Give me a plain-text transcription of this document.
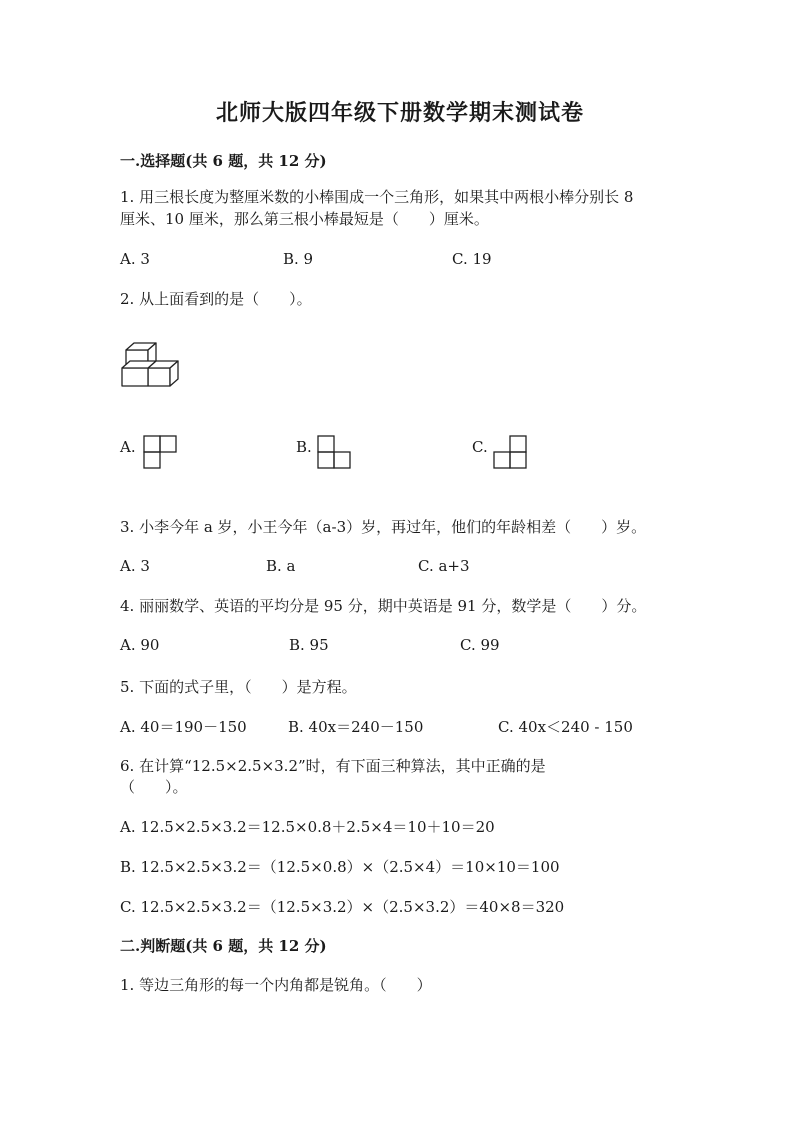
北师大版四年级下册数学期末测试卷
一.选择题(共 6 题，共 12 分)
1. 用三根长度为整厘米数的小棒围成一个三角形，如果其中两根小棒分别长 8
厘米、10 厘米，那么第三根小棒最短是（　　）厘米。
A. 3	B. 9	C. 19
2. 从上面看到的是（　　）。
A.	B.	C.
3. 小李今年 a 岁，小王今年（a-3）岁，再过年，他们的年龄相差（　　）岁。
A. 3	B. a	C. a+3
4. 丽丽数学、英语的平均分是 95 分，期中英语是 91 分，数学是（　　）分。
A. 90	B. 95	C. 99
5. 下面的式子里，（　　）是方程。
A. 40＝190－150	B. 40x＝240－150	C. 40x＜240 - 150
6. 在计算“12.5×2.5×3.2”时，有下面三种算法，其中正确的是
（　　）。
A. 12.5×2.5×3.2＝12.5×0.8＋2.5×4＝10＋10＝20
B. 12.5×2.5×3.2＝（12.5×0.8）×（2.5×4）＝10×10＝100
C. 12.5×2.5×3.2＝（12.5×3.2）×（2.5×3.2）＝40×8＝320
二.判断题(共 6 题，共 12 分)
1. 等边三角形的每一个内角都是锐角。（　　）
